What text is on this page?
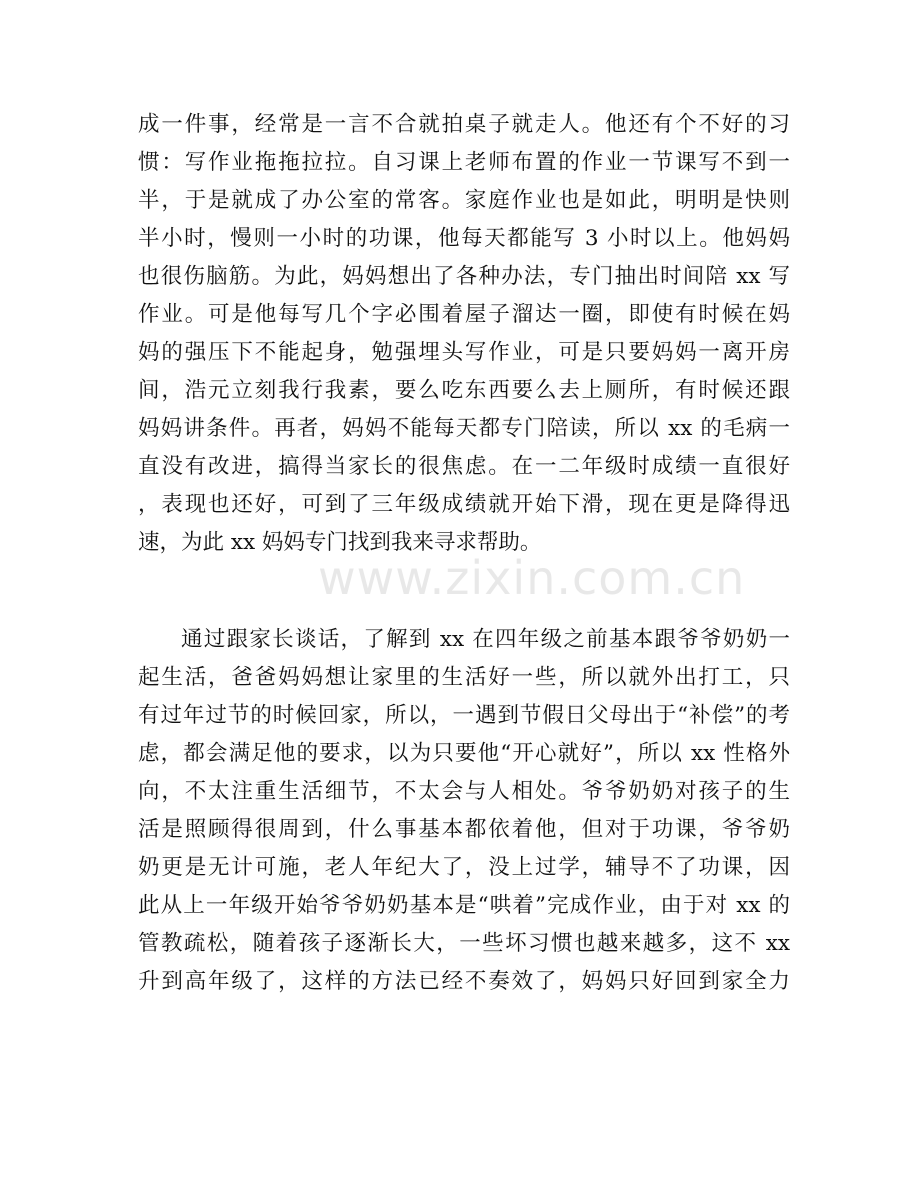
成一件事，经常是一言不合就拍桌子就走人。他还有个不好的习
惯：写作业拖拖拉拉。自习课上老师布置的作业一节课写不到一
半，于是就成了办公室的常客。家庭作业也是如此，明明是快则
半小时，慢则一小时的功课，他每天都能写 3 小时以上。他妈妈
也很伤脑筋。为此，妈妈想出了各种办法，专门抽出时间陪 xx 写
作业。可是他每写几个字必围着屋子溜达一圈，即使有时候在妈
妈的强压下不能起身，勉强埋头写作业，可是只要妈妈一离开房
间，浩元立刻我行我素，要么吃东西要么去上厕所，有时候还跟
妈妈讲条件。再者，妈妈不能每天都专门陪读，所以 xx 的毛病一
直没有改进，搞得当家长的很焦虑。在一二年级时成绩一直很好
，表现也还好，可到了三年级成绩就开始下滑，现在更是降得迅
速，为此 xx 妈妈专门找到我来寻求帮助。
www.zixin.com.cn
通过跟家长谈话，了解到 xx 在四年级之前基本跟爷爷奶奶一
起生活，爸爸妈妈想让家里的生活好一些，所以就外出打工，只
有过年过节的时候回家，所以，一遇到节假日父母出于“补偿”的考
虑，都会满足他的要求，以为只要他“开心就好”，所以 xx 性格外
向，不太注重生活细节，不太会与人相处。爷爷奶奶对孩子的生
活是照顾得很周到，什么事基本都依着他，但对于功课，爷爷奶
奶更是无计可施，老人年纪大了，没上过学，辅导不了功课，因
此从上一年级开始爷爷奶奶基本是“哄着”完成作业，由于对 xx 的
管教疏松，随着孩子逐渐长大，一些坏习惯也越来越多，这不 xx
升到高年级了，这样的方法已经不奏效了，妈妈只好回到家全力
